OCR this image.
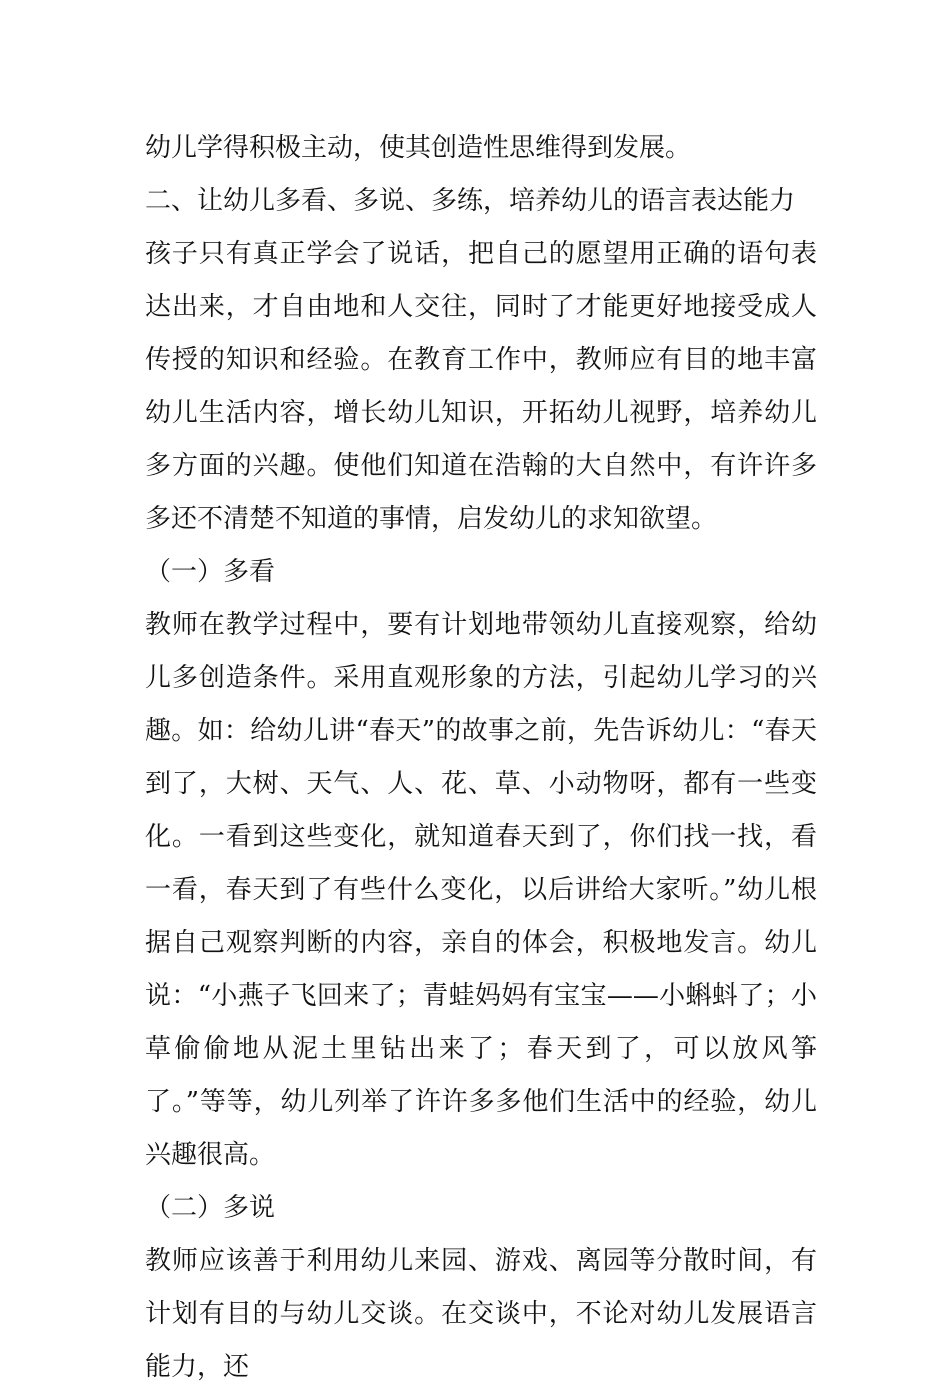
幼儿学得积极主动，使其创造性思维得到发展。

二、让幼儿多看、多说、多练，培养幼儿的语言表达能力

孩子只有真正学会了说话，把自己的愿望用正确的语句表达出来，才自由地和人交往，同时了才能更好地接受成人传授的知识和经验。在教育工作中，教师应有目的地丰富幼儿生活内容，增长幼儿知识，开拓幼儿视野，培养幼儿多方面的兴趣。使他们知道在浩翰的大自然中，有许许多多还不清楚不知道的事情，启发幼儿的求知欲望。

（一）多看

教师在教学过程中，要有计划地带领幼儿直接观察，给幼儿多创造条件。采用直观形象的方法，引起幼儿学习的兴趣。如：给幼儿讲“春天”的故事之前，先告诉幼儿：“春天到了，大树、天气、人、花、草、小动物呀，都有一些变化。一看到这些变化，就知道春天到了，你们找一找，看一看，春天到了有些什么变化，以后讲给大家听。”幼儿根据自己观察判断的内容，亲自的体会，积极地发言。幼儿说：“小燕子飞回来了；青蛙妈妈有宝宝——小蝌蚪了；小草偷偷地从泥土里钻出来了；春天到了，可以放风筝了。”等等，幼儿列举了许许多多他们生活中的经验，幼儿兴趣很高。

（二）多说

教师应该善于利用幼儿来园、游戏、离园等分散时间，有计划有目的与幼儿交谈。在交谈中，不论对幼儿发展语言能力，还
